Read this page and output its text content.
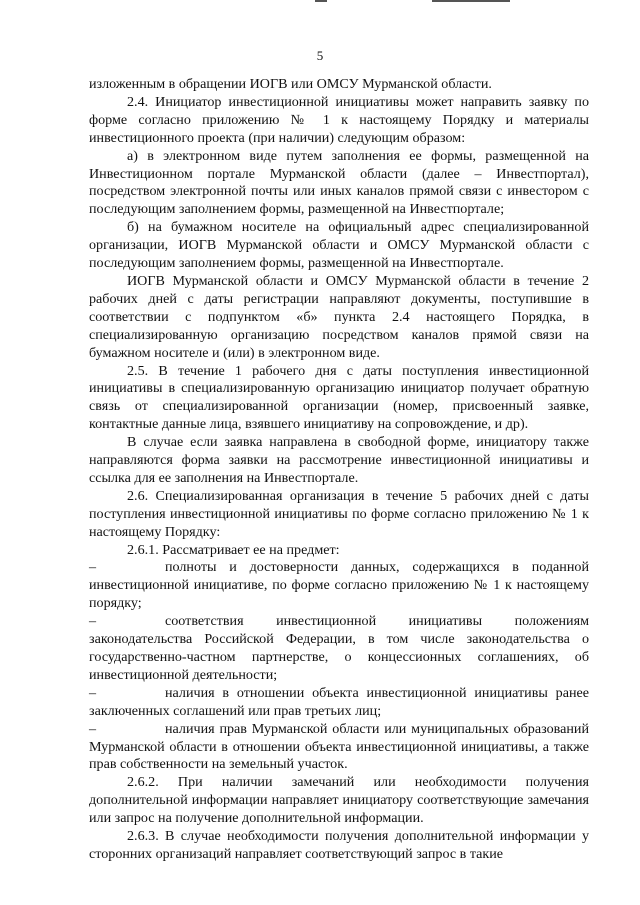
5

изложенным в обращении ИОГВ или ОМСУ Мурманской области.

2.4. Инициатор инвестиционной инициативы может направить заявку по форме согласно приложению № 1 к настоящему Порядку и материалы инвестиционного проекта (при наличии) следующим образом:

а) в электронном виде путем заполнения ее формы, размещенной на Инвестиционном портале Мурманской области (далее – Инвестпортал), посредством электронной почты или иных каналов прямой связи с инвестором с последующим заполнением формы, размещенной на Инвестпортале;

б) на бумажном носителе на официальный адрес специализированной организации, ИОГВ Мурманской области и ОМСУ Мурманской области с последующим заполнением формы, размещенной на Инвестпортале.

ИОГВ Мурманской области и ОМСУ Мурманской области в течение 2 рабочих дней с даты регистрации направляют документы, поступившие в соответствии с подпунктом «б» пункта 2.4 настоящего Порядка, в специализированную организацию посредством каналов прямой связи на бумажном носителе и (или) в электронном виде.

2.5. В течение 1 рабочего дня с даты поступления инвестиционной инициативы в специализированную организацию инициатор получает обратную связь от специализированной организации (номер, присвоенный заявке, контактные данные лица, взявшего инициативу на сопровождение, и др).

В случае если заявка направлена в свободной форме, инициатору также направляются форма заявки на рассмотрение инвестиционной инициативы и ссылка для ее заполнения на Инвестпортале.

2.6. Специализированная организация в течение 5 рабочих дней с даты поступления инвестиционной инициативы по форме согласно приложению № 1 к настоящему Порядку:

2.6.1. Рассматривает ее на предмет:

–	полноты и достоверности данных, содержащихся в поданной инвестиционной инициативе, по форме согласно приложению № 1 к настоящему порядку;

–	соответствия инвестиционной инициативы положениям законодательства Российской Федерации, в том числе законодательства о государственно-частном партнерстве, о концессионных соглашениях, об инвестиционной деятельности;

–	наличия в отношении объекта инвестиционной инициативы ранее заключенных соглашений или прав третьих лиц;

–	наличия прав Мурманской области или муниципальных образований Мурманской области в отношении объекта инвестиционной инициативы, а также прав собственности на земельный участок.

2.6.2. При наличии замечаний или необходимости получения дополнительной информации направляет инициатору соответствующие замечания или запрос на получение дополнительной информации.

2.6.3. В случае необходимости получения дополнительной информации у сторонних организаций направляет соответствующий запрос в такие
